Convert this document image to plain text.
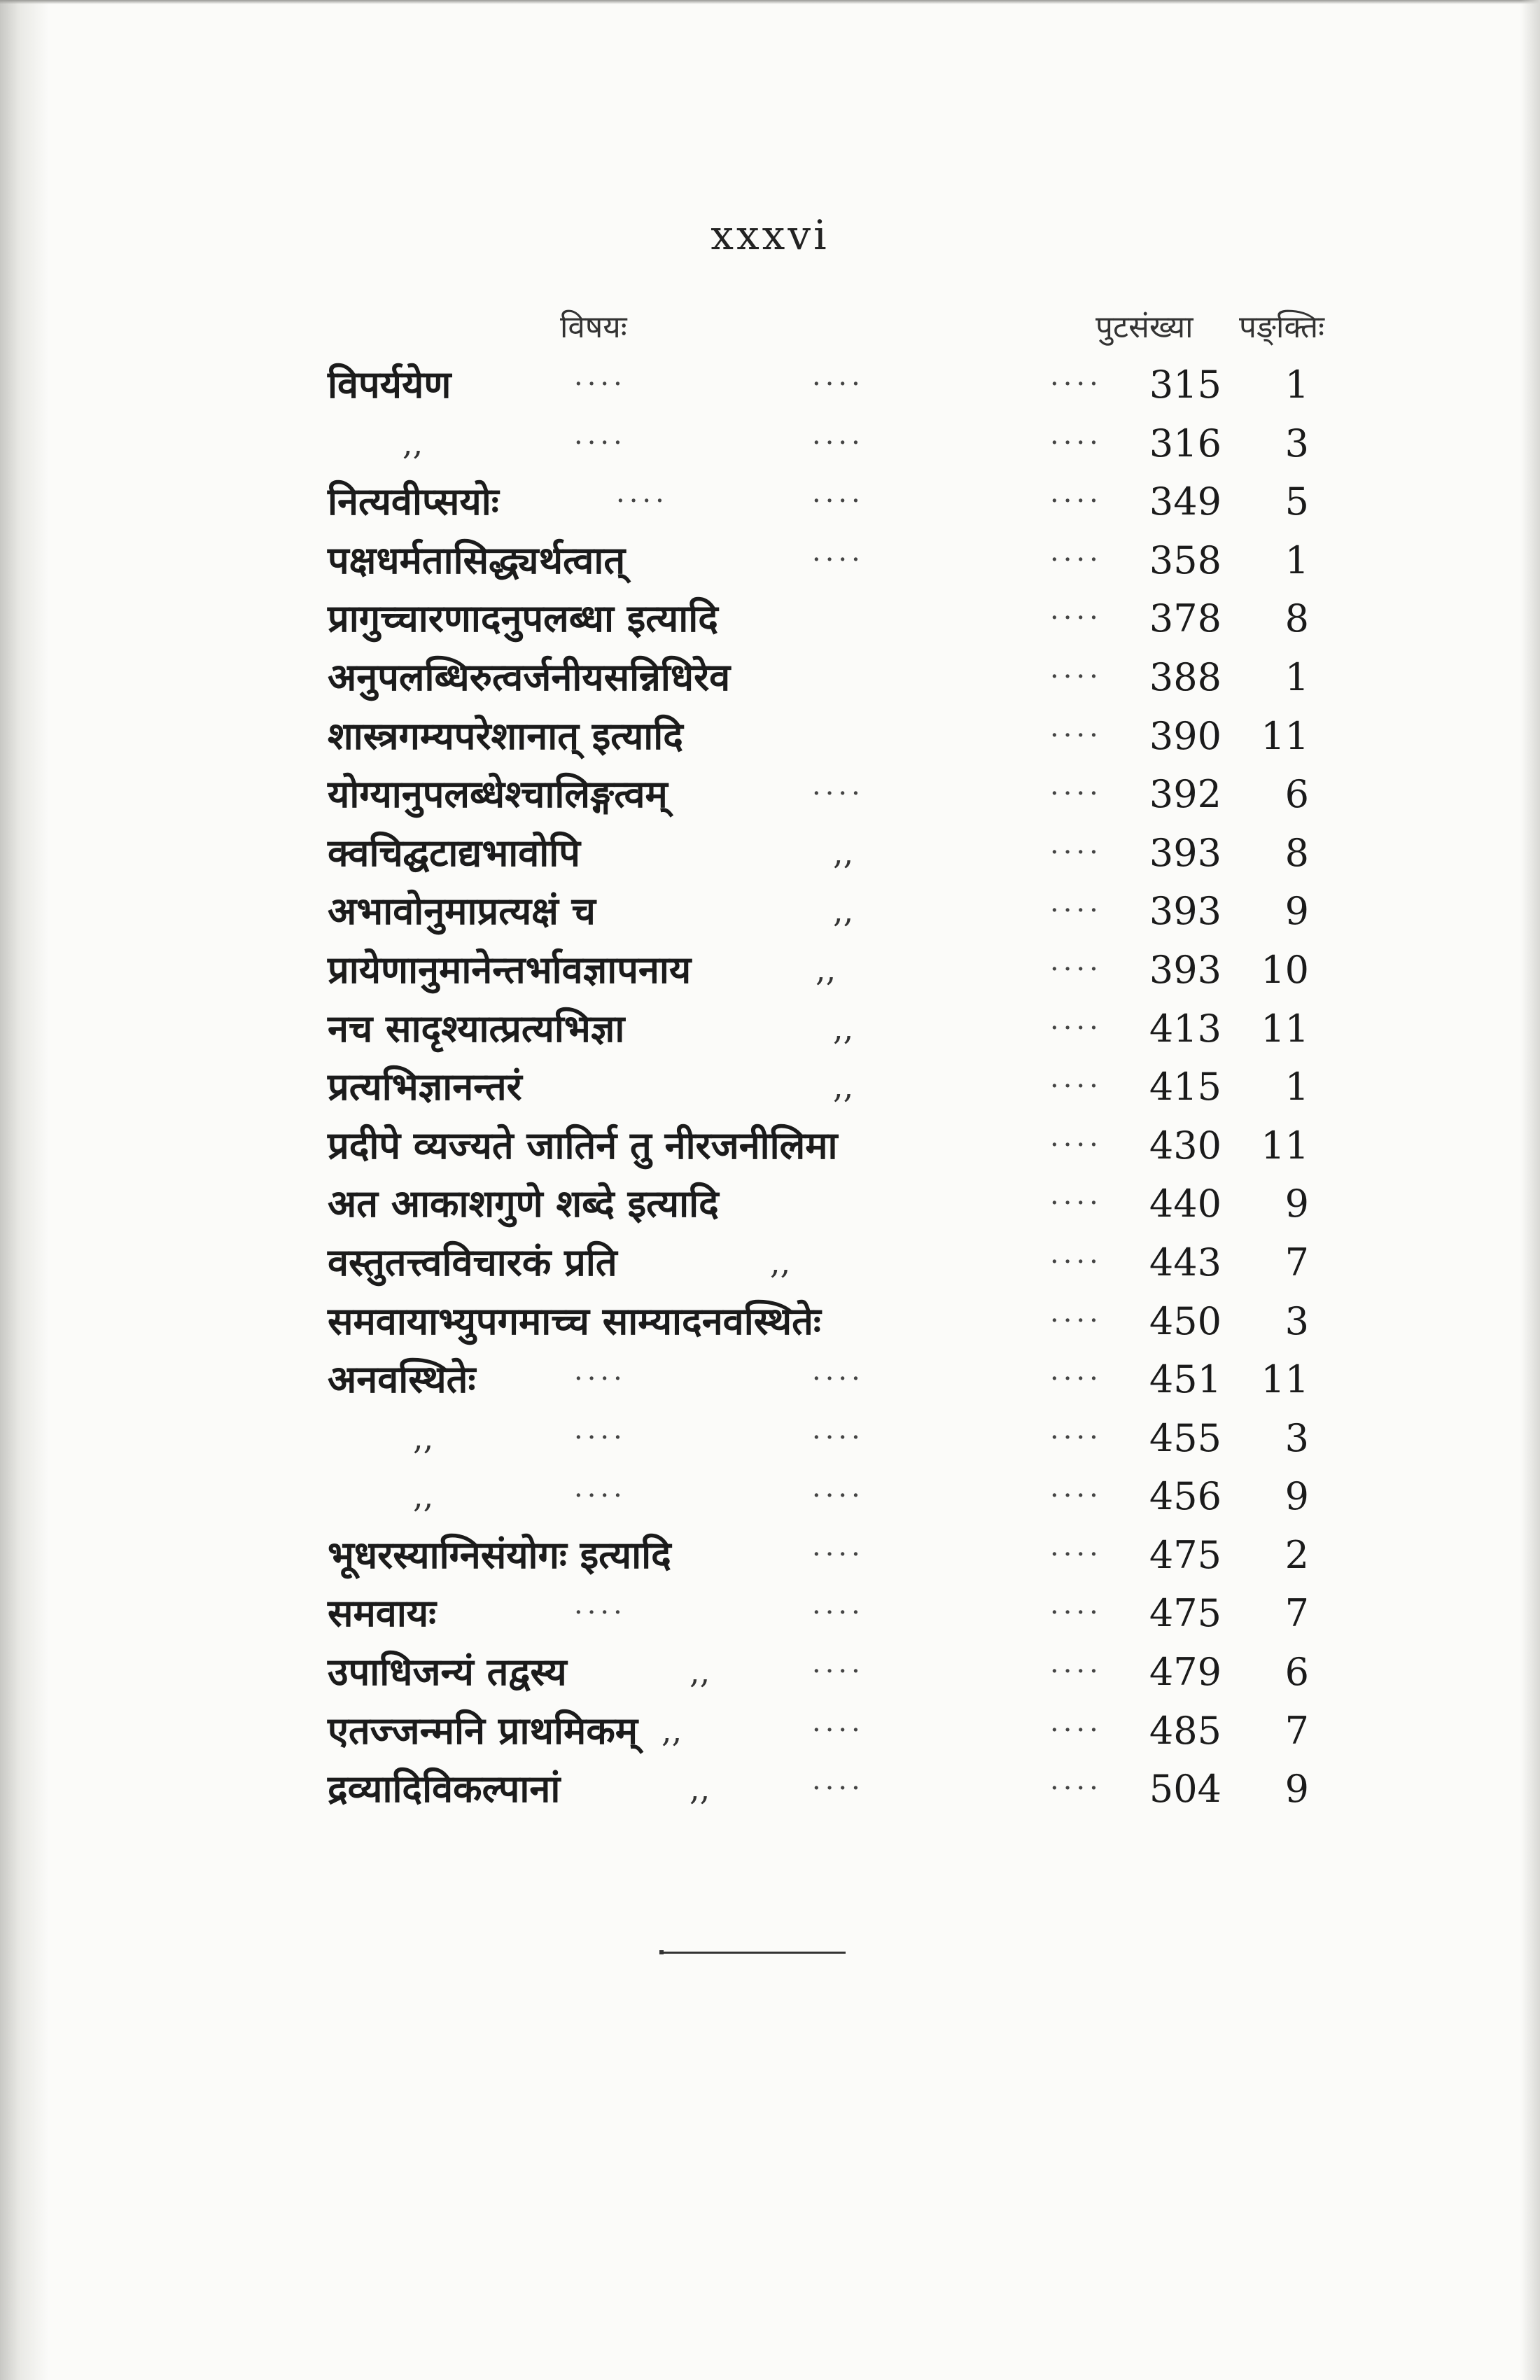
xxxvi
विषयः	पुटसंख्या पङ्क्तिः
विपर्ययेण	····	····	····	315	1
,,	····	····	····	316	3
नित्यवीप्सयोः	····	····	····	349	5
पक्षधर्मतासिद्ध्यर्थत्वात्	····	····	358	1
प्रागुच्चारणादनुपलब्धा इत्यादि	····	378	8
अनुपलब्धिरुत्वर्जनीयसन्निधिरेव	····	388	1
शास्त्रगम्यपरेशानात् इत्यादि	····	390	11
योग्यानुपलब्धेश्चालिङ्गत्वम्	····	····	392	6
क्वचिद्घटाद्यभावोपि	,,	····	393	8
अभावोनुमाप्रत्यक्षं च	,,	····	393	9
प्रायेणानुमानेन्तर्भावज्ञापनाय	,,	····	393	10
नच सादृश्यात्प्रत्यभिज्ञा	,,	····	413	11
प्रत्यभिज्ञानन्तरं	,,	····	415	1
प्रदीपे व्यज्यते जातिर्न तु नीरजनीलिमा	····	430	11
अत आकाशगुणे शब्दे इत्यादि	····	440	9
वस्तुतत्त्वविचारकं प्रति	,,	····	443	7
समवायाभ्युपगमाच्च साम्यादनवस्थितेः	····	450	3
अनवस्थितेः	····	····	····	451	11
,,	····	····	····	455	3
,,	····	····	····	456	9
भूधरस्याग्निसंयोगः इत्यादि	····	····	475	2
समवायः	····	····	····	475	7
उपाधिजन्यं तद्वस्य	,,	····	····	479	6
एतज्जन्मनि प्राथमिकम् ,,	····	····	485	7
द्रव्यादिविकल्पानां	,,	····	····	504	9
